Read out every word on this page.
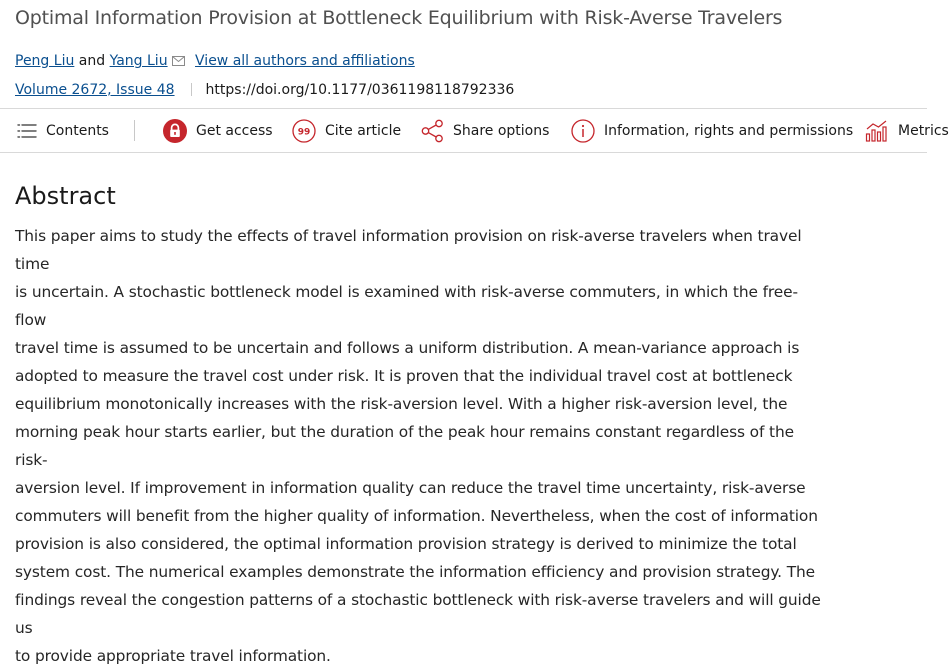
Optimal Information Provision at Bottleneck Equilibrium with Risk-Averse Travelers
Peng Liu and Yang Liu View all authors and affiliations
Volume 2672, Issue 48 https://doi.org/10.1177/0361198118792336
Contents	Get access	99 Cite article	Share options	Information, rights and permissions	Metrics
Abstract
This paper aims to study the effects of travel information provision on risk-averse travelers when travel time
is uncertain. A stochastic bottleneck model is examined with risk-averse commuters, in which the free-flow
travel time is assumed to be uncertain and follows a uniform distribution. A mean-variance approach is
adopted to measure the travel cost under risk. It is proven that the individual travel cost at bottleneck
equilibrium monotonically increases with the risk-aversion level. With a higher risk-aversion level, the
morning peak hour starts earlier, but the duration of the peak hour remains constant regardless of the risk-
aversion level. If improvement in information quality can reduce the travel time uncertainty, risk-averse
commuters will benefit from the higher quality of information. Nevertheless, when the cost of information
provision is also considered, the optimal information provision strategy is derived to minimize the total
system cost. The numerical examples demonstrate the information efficiency and provision strategy. The
findings reveal the congestion patterns of a stochastic bottleneck with risk-averse travelers and will guide us
to provide appropriate travel information.
